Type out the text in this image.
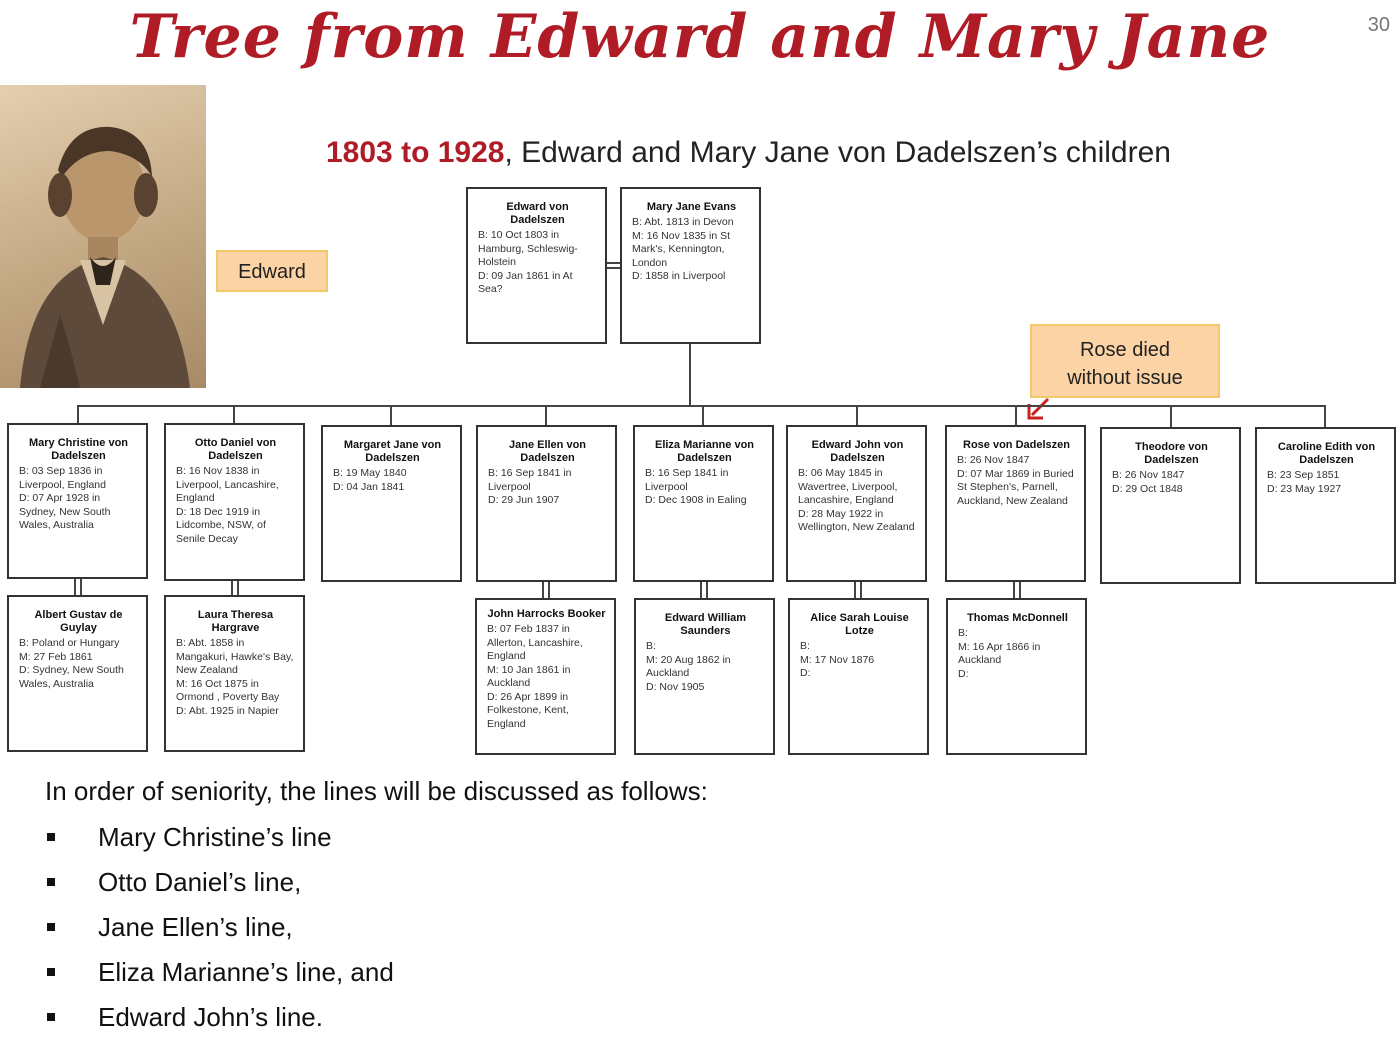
Tree from Edward and Mary Jane	30
Edward
Rose died
without issue
1803 to 1928, Edward and Mary Jane von Dadelszen’s children
Edward von Dadelszen
B: 10 Oct 1803 in Hamburg, Schleswig-Holstein
D: 09 Jan 1861 in At Sea?
Mary Jane Evans
B: Abt. 1813 in Devon
M: 16 Nov 1835 in St Mark's, Kennington, London
D: 1858 in Liverpool
Mary Christine von Dadelszen
B: 03 Sep 1836 in Liverpool, England
D: 07 Apr 1928 in Sydney, New South Wales, Australia
Otto Daniel von Dadelszen
B: 16 Nov 1838 in Liverpool, Lancashire, England
D: 18 Dec 1919 in Lidcombe, NSW, of Senile Decay
Margaret Jane von Dadelszen
B: 19 May 1840
D: 04 Jan 1841
Jane Ellen von Dadelszen
B: 16 Sep 1841 in Liverpool
D: 29 Jun 1907
Eliza Marianne von Dadelszen
B: 16 Sep 1841 in Liverpool
D: Dec 1908 in Ealing
Edward John von Dadelszen
B: 06 May 1845 in Wavertree, Liverpool, Lancashire, England
D: 28 May 1922 in Wellington, New Zealand
Rose von Dadelszen
B: 26 Nov 1847
D: 07 Mar 1869 in Buried St Stephen's, Parnell, Auckland, New Zealand
Theodore von Dadelszen
B: 26 Nov 1847
D: 29 Oct 1848
Caroline Edith von Dadelszen
B: 23 Sep 1851
D: 23 May 1927
Albert Gustav de Guylay
B: Poland or Hungary
M: 27 Feb 1861
D: Sydney, New South Wales, Australia
Laura Theresa Hargrave
B: Abt. 1858 in Mangakuri, Hawke's Bay, New Zealand
M: 16 Oct 1875 in Ormond , Poverty Bay
D: Abt. 1925 in Napier
John Harrocks Booker
B: 07 Feb 1837 in Allerton, Lancashire, England
M: 10 Jan 1861 in Auckland
D: 26 Apr 1899 in Folkestone, Kent, England
Edward William Saunders
B:
M: 20 Aug 1862 in Auckland
D: Nov 1905
Alice Sarah Louise Lotze
B:
M: 17 Nov 1876
D:
Thomas McDonnell
B:
M: 16 Apr 1866 in Auckland
D:
In order of seniority, the lines will be discussed as follows:
Mary Christine’s line
Otto Daniel’s line,
Jane Ellen’s line,
Eliza Marianne’s line, and
Edward John’s line.
